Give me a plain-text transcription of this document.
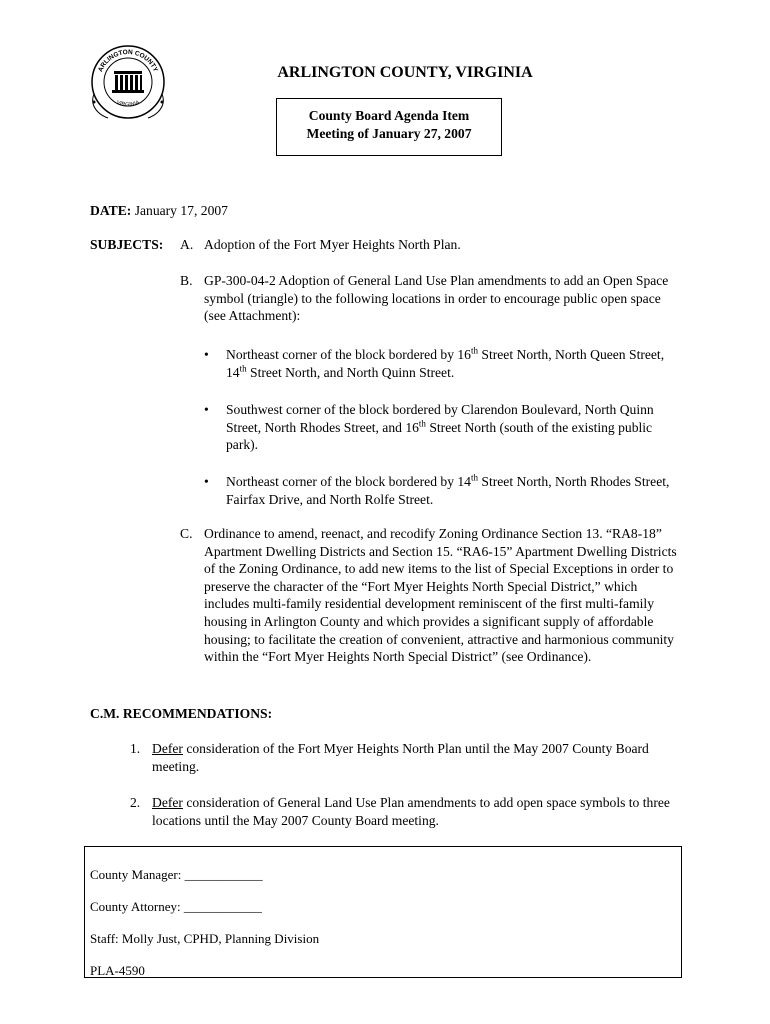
ARLINGTON COUNTY
VIRGINIA
ARLINGTON COUNTY, VIRGINIA
County Board Agenda Item
Meeting of January 27, 2007
DATE: January 17, 2007
SUBJECTS: A. Adoption of the Fort Myer Heights North Plan.
B. GP-300-04-2 Adoption of General Land Use Plan amendments to add an Open Space symbol (triangle) to the following locations in order to encourage public open space (see Attachment):
• Northeast corner of the block bordered by 16th Street North, North Queen Street, 14th Street North, and North Quinn Street.
• Southwest corner of the block bordered by Clarendon Boulevard, North Quinn Street, North Rhodes Street, and 16th Street North (south of the existing public park).
• Northeast corner of the block bordered by 14th Street North, North Rhodes Street, Fairfax Drive, and North Rolfe Street.
C. Ordinance to amend, reenact, and recodify Zoning Ordinance Section 13. “RA8-18” Apartment Dwelling Districts and Section 15. “RA6-15” Apartment Dwelling Districts of the Zoning Ordinance, to add new items to the list of Special Exceptions in order to preserve the character of the “Fort Myer Heights North Special District,” which includes multi-family residential development reminiscent of the first multi-family housing in Arlington County and which provides a significant supply of affordable housing; to facilitate the creation of convenient, attractive and harmonious community within the “Fort Myer Heights North Special District” (see Ordinance).
C.M. RECOMMENDATIONS:
1. Defer consideration of the Fort Myer Heights North Plan until the May 2007 County Board meeting.
2. Defer consideration of General Land Use Plan amendments to add open space symbols to three locations until the May 2007 County Board meeting.
County Manager: ____________
County Attorney: ____________
Staff: Molly Just, CPHD, Planning Division
PLA-4590
